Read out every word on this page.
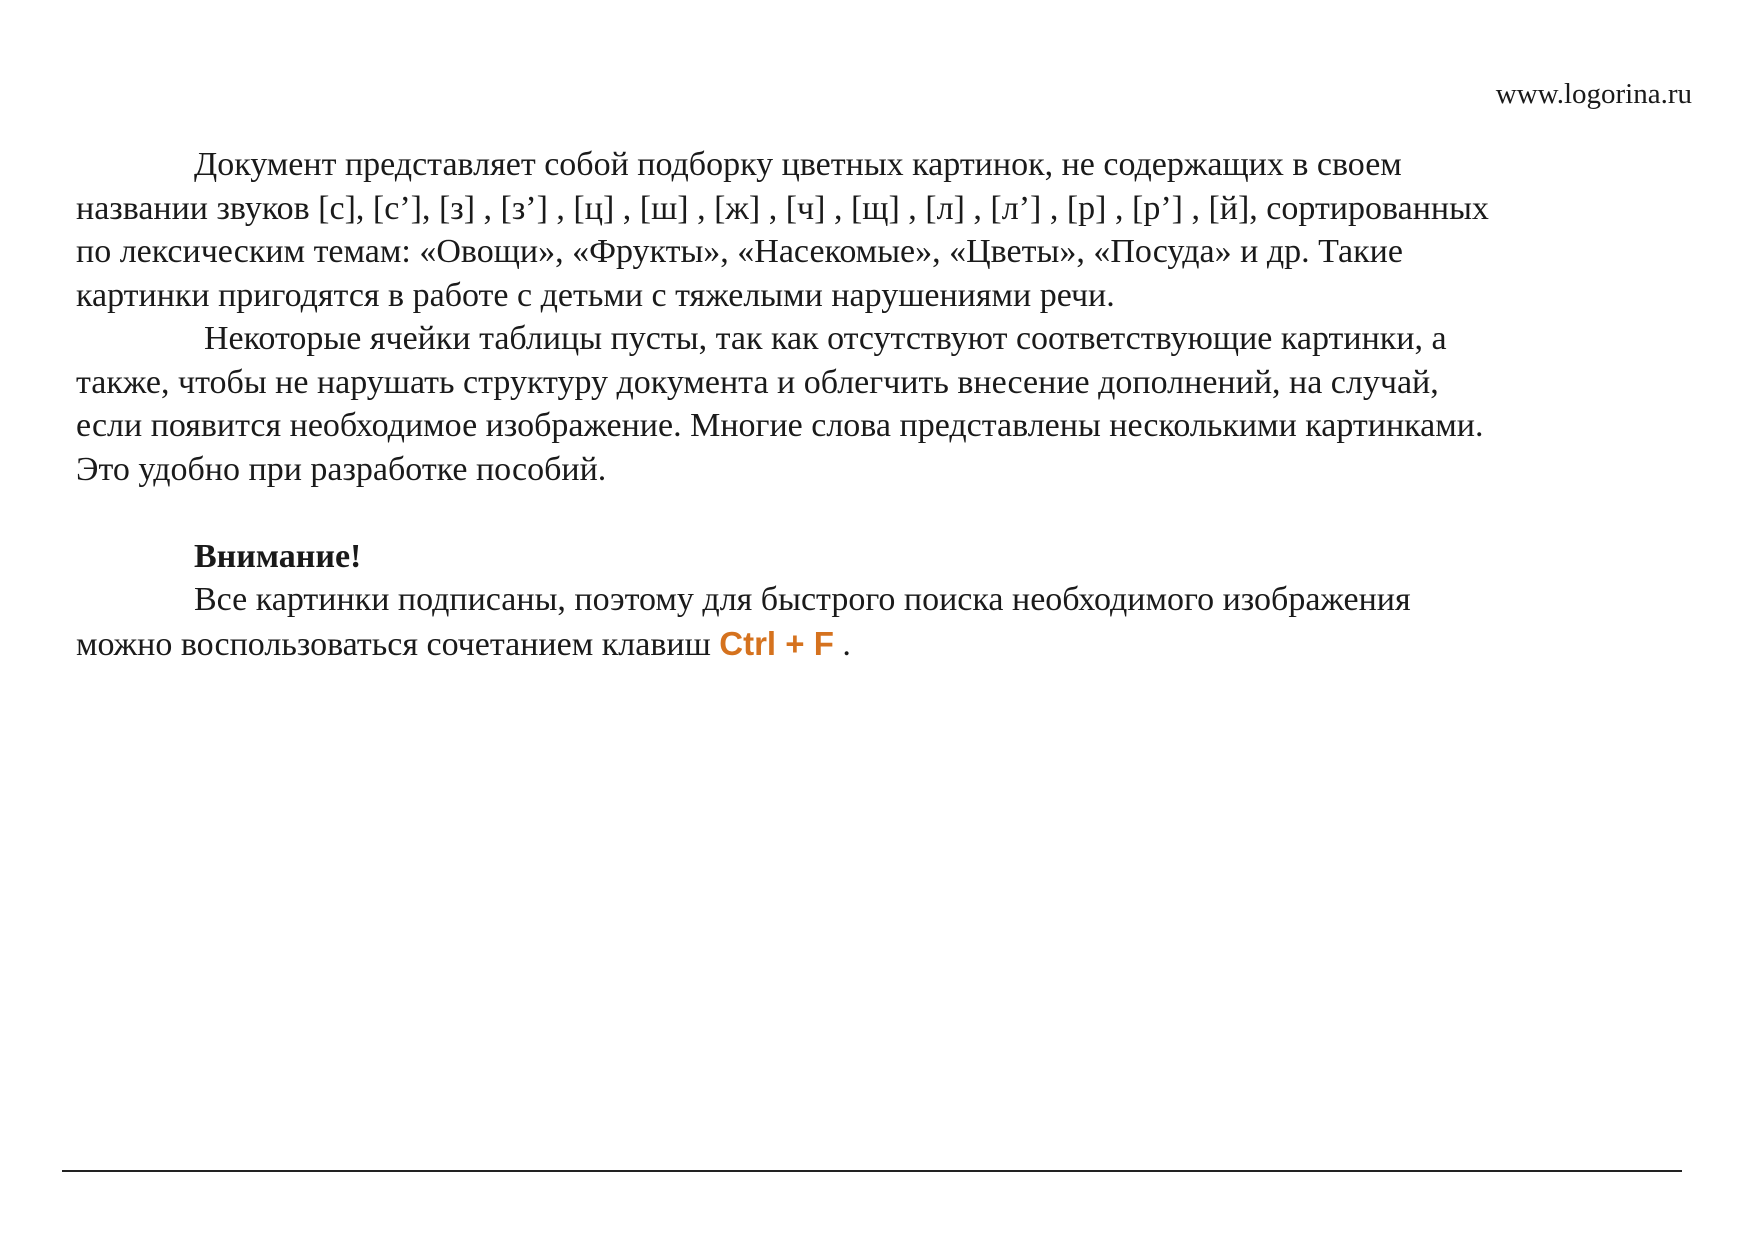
www.logorina.ru
Документ представляет собой подборку цветных картинок, не содержащих в своем
названии звуков [с], [с’], [з] , [з’] , [ц] , [ш] , [ж] , [ч] , [щ] , [л] , [л’] , [р] , [р’] , [й], сортированных
по лексическим темам: «Овощи», «Фрукты», «Насекомые», «Цветы», «Посуда» и др. Такие
картинки пригодятся в работе с детьми с тяжелыми нарушениями речи.
Некоторые ячейки таблицы пусты, так как отсутствуют соответствующие картинки, а
также, чтобы не нарушать структуру документа и облегчить внесение дополнений, на случай,
если появится необходимое изображение. Многие слова представлены несколькими картинками.
Это удобно при разработке пособий.
Внимание!
Все картинки подписаны, поэтому для быстрого поиска необходимого изображения
можно воспользоваться сочетанием клавиш Ctrl + F .
